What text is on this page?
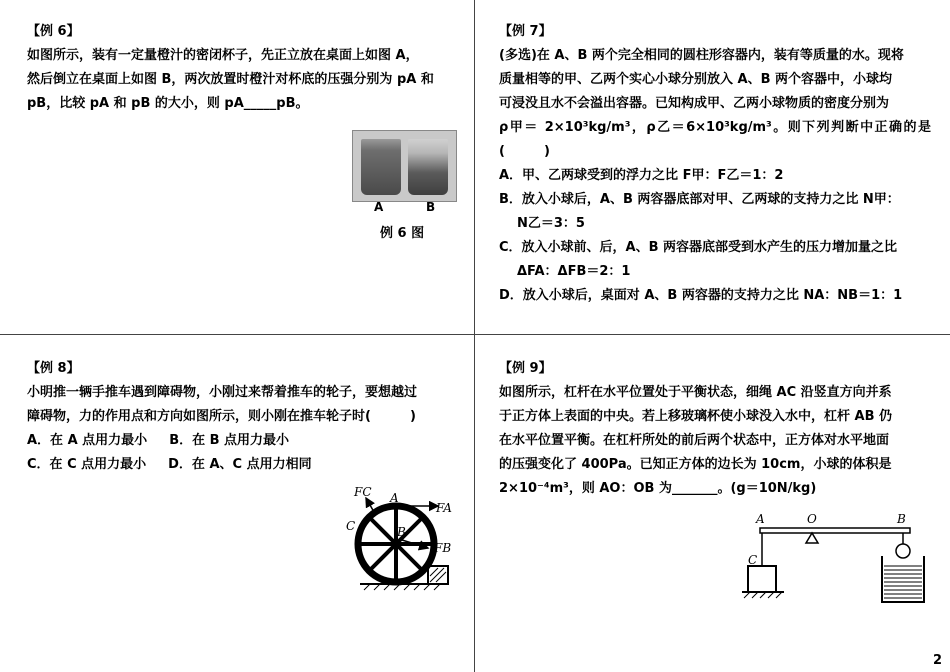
【例 6】

如图所示，装有一定量橙汁的密闭杯子，先正立放在桌面上如图 A，

然后倒立在桌面上如图 B，两次放置时橙汁对杯底的压强分别为 pA 和

pB，比较 pA 和 pB 的大小，则 pA_____pB。

A	B
例 6 图
【例 7】

(多选)在 A、B 两个完全相同的圆柱形容器内，装有等质量的水。现将

质量相等的甲、乙两个实心小球分别放入 A、B 两个容器中，小球均

可浸没且水不会溢出容器。已知构成甲、乙两小球物质的密度分别为

ρ甲＝ 2×10³kg/m³，ρ乙＝6×10³kg/m³。则下列判断中正确的是(　　　)

A．甲、乙两球受到的浮力之比 F甲：F乙＝1：2

B．放入小球后，A、B 两容器底部对甲、乙两球的支持力之比 N甲：

N乙＝3：5

C．放入小球前、后，A、B 两容器底部受到水产生的压力增加量之比

ΔFA：ΔFB＝2：1

D．放入小球后，桌面对 A、B 两容器的支持力之比 NA：NB＝1：1

【例 8】

小明推一辆手推车遇到障碍物，小刚过来帮着推车的轮子，要想越过

障碍物，力的作用点和方向如图所示，则小刚在推车轮子时(　　　)

A．在 A 点用力最小 B．在 B 点用力最小

C．在 C 点用力最小 D．在 A、C 点用力相同

FC A
FA
C	B
FB
【例 9】

如图所示，杠杆在水平位置处于平衡状态，细绳 AC 沿竖直方向并系

于正方体上表面的中央。若上移玻璃杯使小球没入水中，杠杆 AB 仍

在水平位置平衡。在杠杆所处的前后两个状态中，正方体对水平地面

的压强变化了 400Pa。已知正方体的边长为 10cm，小球的体积是

2×10⁻⁴m³，则 AO：OB 为_______。(g＝10N/kg)

A	O	B
C
2
